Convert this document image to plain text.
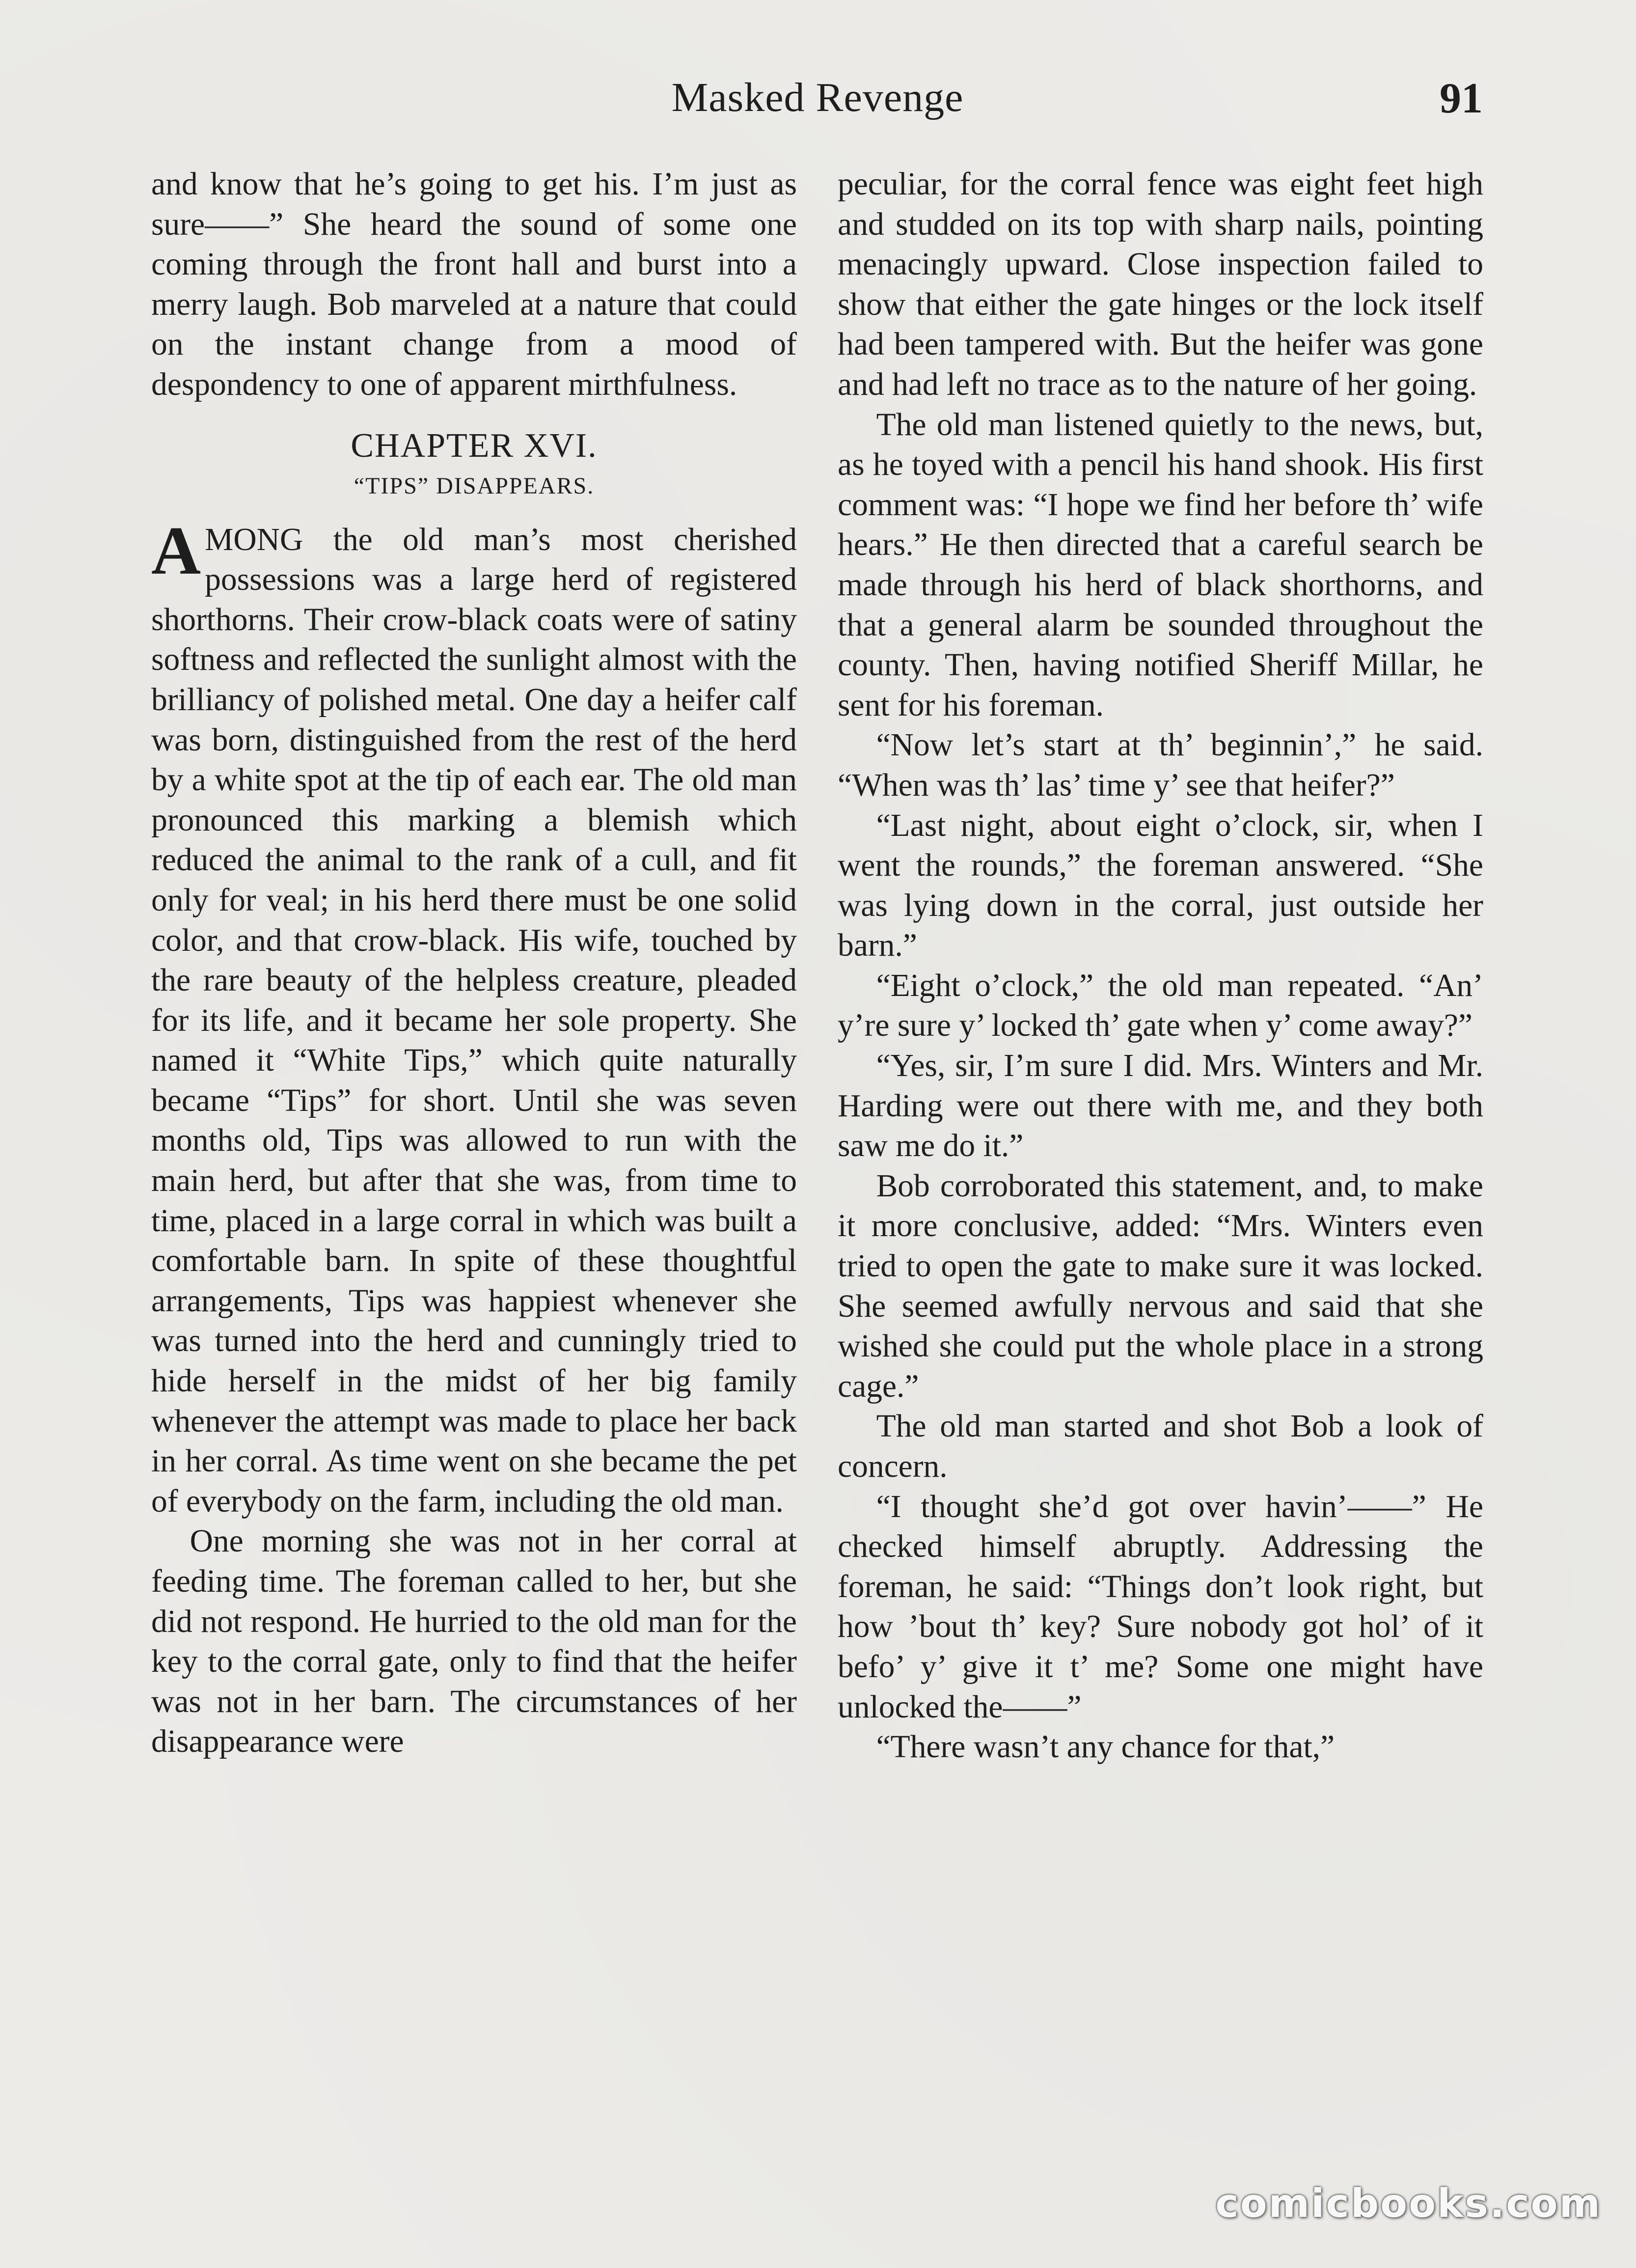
Masked Revenge	91

and know that he’s going to get his. I’m just as sure——” She heard the sound of some one coming through the front hall and burst into a merry laugh. Bob marveled at a nature that could on the instant change from a mood of despondency to one of apparent mirthfulness.

CHAPTER XVI.
“TIPS” DISAPPEARS.

AMONG the old man’s most cherished possessions was a large herd of registered shorthorns. Their crow-black coats were of satiny softness and reflected the sunlight almost with the brilliancy of polished metal. One day a heifer calf was born, distinguished from the rest of the herd by a white spot at the tip of each ear. The old man pronounced this marking a blemish which reduced the animal to the rank of a cull, and fit only for veal; in his herd there must be one solid color, and that crow-black. His wife, touched by the rare beauty of the helpless creature, pleaded for its life, and it became her sole property. She named it “White Tips,” which quite naturally became “Tips” for short. Until she was seven months old, Tips was allowed to run with the main herd, but after that she was, from time to time, placed in a large corral in which was built a comfortable barn. In spite of these thoughtful arrangements, Tips was happiest whenever she was turned into the herd and cunningly tried to hide herself in the midst of her big family whenever the attempt was made to place her back in her corral. As time went on she became the pet of everybody on the farm, including the old man.

One morning she was not in her corral at feeding time. The foreman called to her, but she did not respond. He hurried to the old man for the key to the corral gate, only to find that the heifer was not in her barn. The circumstances of her disappearance were

peculiar, for the corral fence was eight feet high and studded on its top with sharp nails, pointing menacingly upward. Close inspection failed to show that either the gate hinges or the lock itself had been tampered with. But the heifer was gone and had left no trace as to the nature of her going.

The old man listened quietly to the news, but, as he toyed with a pencil his hand shook. His first comment was: “I hope we find her before th’ wife hears.” He then directed that a careful search be made through his herd of black shorthorns, and that a general alarm be sounded throughout the county. Then, having notified Sheriff Millar, he sent for his foreman.

“Now let’s start at th’ beginnin’,” he said. “When was th’ las’ time y’ see that heifer?”

“Last night, about eight o’clock, sir, when I went the rounds,” the foreman answered. “She was lying down in the corral, just outside her barn.”

“Eight o’clock,” the old man repeated. “An’ y’re sure y’ locked th’ gate when y’ come away?”

“Yes, sir, I’m sure I did. Mrs. Winters and Mr. Harding were out there with me, and they both saw me do it.”

Bob corroborated this statement, and, to make it more conclusive, added: “Mrs. Winters even tried to open the gate to make sure it was locked. She seemed awfully nervous and said that she wished she could put the whole place in a strong cage.”

The old man started and shot Bob a look of concern.

“I thought she’d got over havin’——” He checked himself abruptly. Addressing the foreman, he said: “Things don’t look right, but how ’bout th’ key? Sure nobody got hol’ of it befo’ y’ give it t’ me? Some one might have unlocked the——”

“There wasn’t any chance for that,”

comicbooks.com
